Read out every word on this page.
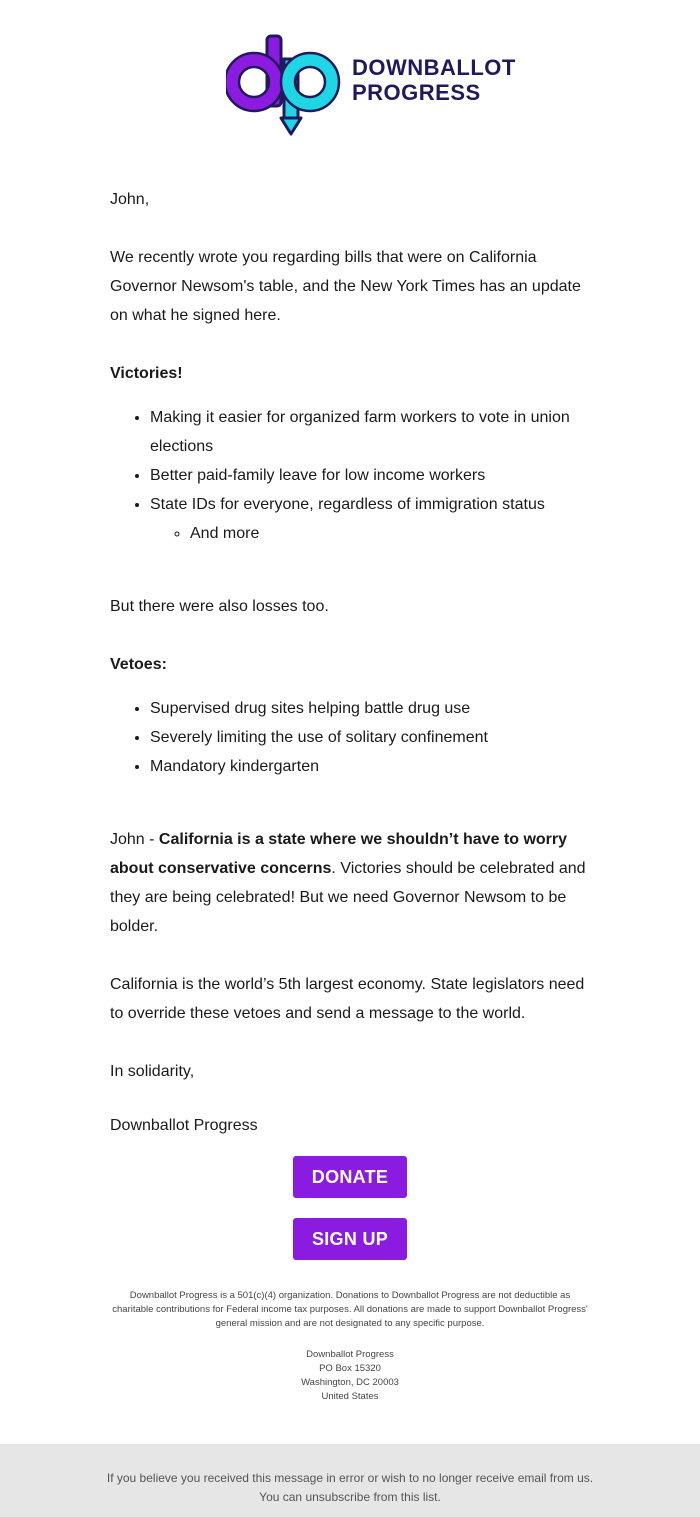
DOWNBALLOT
PROGRESS

John,

We recently wrote you regarding bills that were on California Governor Newsom's table, and the New York Times has an update on what he signed here.

Victories!
• Making it easier for organized farm workers to vote in union elections
• Better paid-family leave for low income workers
• State IDs for everyone, regardless of immigration status
◦ And more

But there were also losses too.

Vetoes:
• Supervised drug sites helping battle drug use
• Severely limiting the use of solitary confinement
• Mandatory kindergarten

John - California is a state where we shouldn’t have to worry about conservative concerns. Victories should be celebrated and they are being celebrated! But we need Governor Newsom to be bolder.

California is the world’s 5th largest economy. State legislators need to override these vetoes and send a message to the world.

In solidarity,

Downballot Progress

DONATE
SIGN UP
Downballot Progress is a 501(c)(4) organization. Donations to Downballot Progress are not deductible as charitable contributions for Federal income tax purposes. All donations are made to support Downballot Progress' general mission and are not designated to any specific purpose.
Downballot Progress
PO Box 15320
Washington, DC 20003
United States
If you believe you received this message in error or wish to no longer receive email from us.
You can unsubscribe from this list.
